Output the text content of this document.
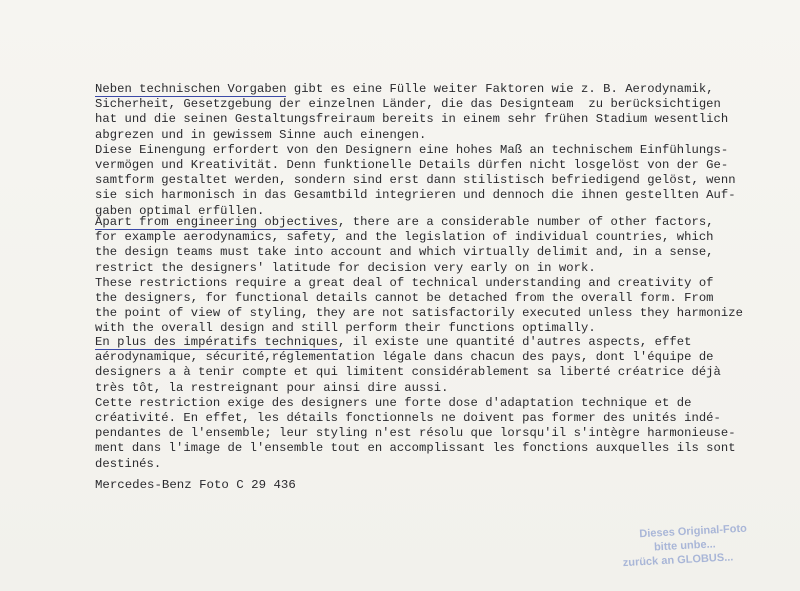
Neben technischen Vorgaben gibt es eine Fülle weiter Faktoren wie z. B. Aerodynamik,
Sicherheit, Gesetzgebung der einzelnen Länder, die das Designteam  zu berücksichtigen
hat und die seinen Gestaltungsfreiraum bereits in einem sehr frühen Stadium wesentlich
abgrezen und in gewissem Sinne auch einengen.
Diese Einengung erfordert von den Designern eine hohes Maß an technischem Einfühlungs-
vermögen und Kreativität. Denn funktionelle Details dürfen nicht losgelöst von der Ge-
samtform gestaltet werden, sondern sind erst dann stilistisch befriedigend gelöst, wenn
sie sich harmonisch in das Gesamtbild integrieren und dennoch die ihnen gestellten Auf-
gaben optimal erfüllen.
Apart from engineering objectives, there are a considerable number of other factors,
for example aerodynamics, safety, and the legislation of individual countries, which
the design teams must take into account and which virtually delimit and, in a sense,
restrict the designers' latitude for decision very early on in work.
These restrictions require a great deal of technical understanding and creativity of
the designers, for functional details cannot be detached from the overall form. From
the point of view of styling, they are not satisfactorily executed unless they harmonize
with the overall design and still perform their functions optimally.
En plus des impératifs techniques, il existe une quantité d'autres aspects, effet
aérodynamique, sécurité,réglementation légale dans chacun des pays, dont l'équipe de
designers a à tenir compte et qui limitent considérablement sa liberté créatrice déjà
très tôt, la restreignant pour ainsi dire aussi.
Cette restriction exige des designers une forte dose d'adaptation technique et de
créativité. En effet, les détails fonctionnels ne doivent pas former des unités indé-
pendantes de l'ensemble; leur styling n'est résolu que lorsqu'il s'intègre harmonieuse-
ment dans l'image de l'ensemble tout en accomplissant les fonctions auxquelles ils sont
destinés.
Mercedes-Benz Foto C 29 436
Dieses Original-Foto
bitte unbe...
zurück an GLOBUS...
